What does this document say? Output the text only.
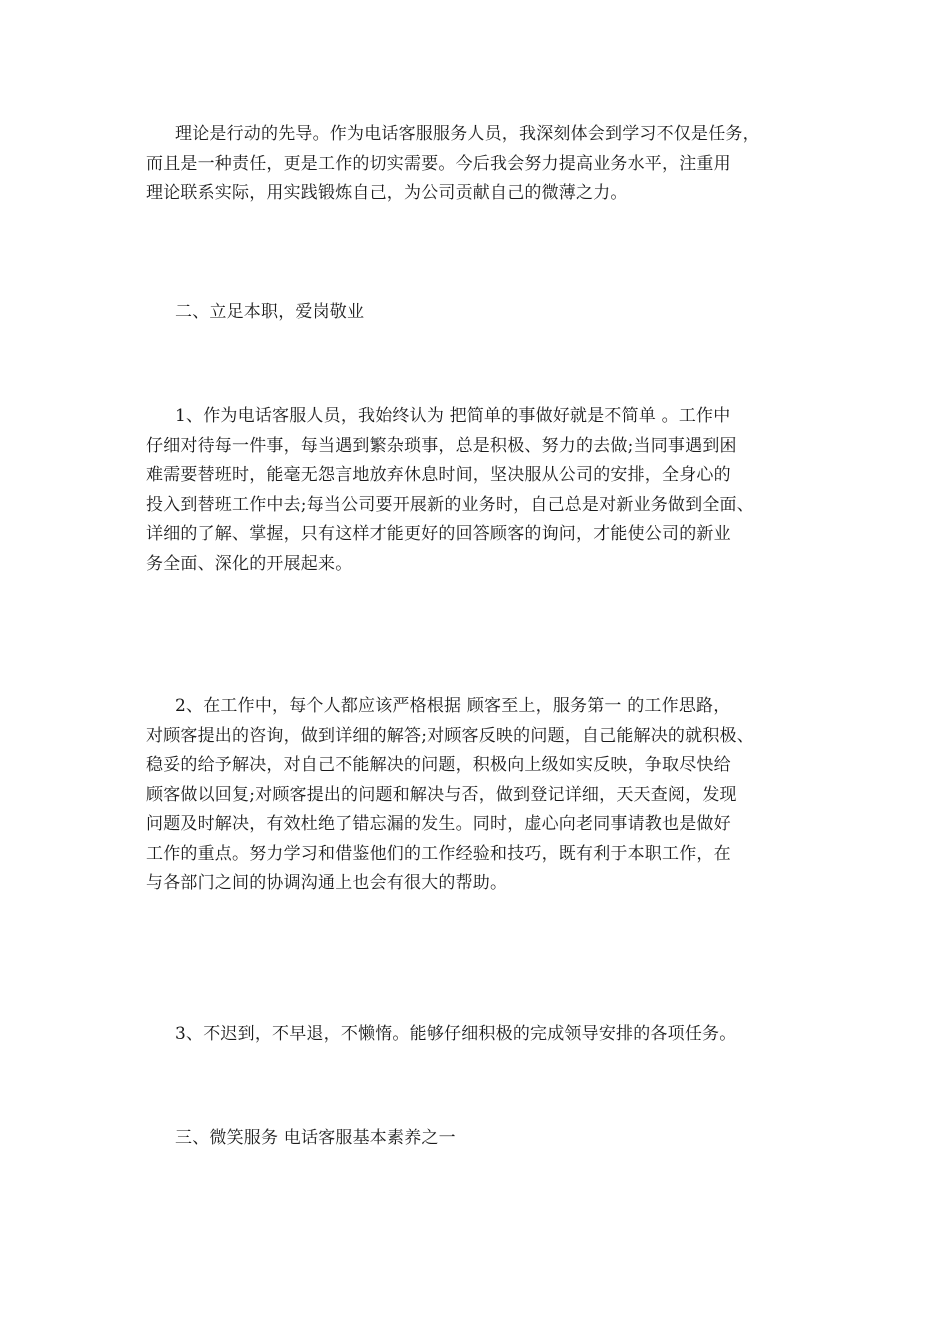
理论是行动的先导。作为电话客服服务人员，我深刻体会到学习不仅是任务，
而且是一种责任，更是工作的切实需要。今后我会努力提高业务水平，注重用
理论联系实际，用实践锻炼自己，为公司贡献自己的微薄之力。
二、立足本职，爱岗敬业
1、作为电话客服人员，我始终认为 把简单的事做好就是不简单 。工作中
仔细对待每一件事，每当遇到繁杂琐事，总是积极、努力的去做;当同事遇到困
难需要替班时，能毫无怨言地放弃休息时间，坚决服从公司的安排，全身心的
投入到替班工作中去;每当公司要开展新的业务时，自己总是对新业务做到全面、
详细的了解、掌握，只有这样才能更好的回答顾客的询问，才能使公司的新业
务全面、深化的开展起来。
2、在工作中，每个人都应该严格根据 顾客至上，服务第一 的工作思路，
对顾客提出的咨询，做到详细的解答;对顾客反映的问题，自己能解决的就积极、
稳妥的给予解决，对自己不能解决的问题，积极向上级如实反映，争取尽快给
顾客做以回复;对顾客提出的问题和解决与否，做到登记详细，天天查阅，发现
问题及时解决，有效杜绝了错忘漏的发生。同时，虚心向老同事请教也是做好
工作的重点。努力学习和借鉴他们的工作经验和技巧，既有利于本职工作，在
与各部门之间的协调沟通上也会有很大的帮助。
3、不迟到，不早退，不懒惰。能够仔细积极的完成领导安排的各项任务。
三、微笑服务 电话客服基本素养之一
